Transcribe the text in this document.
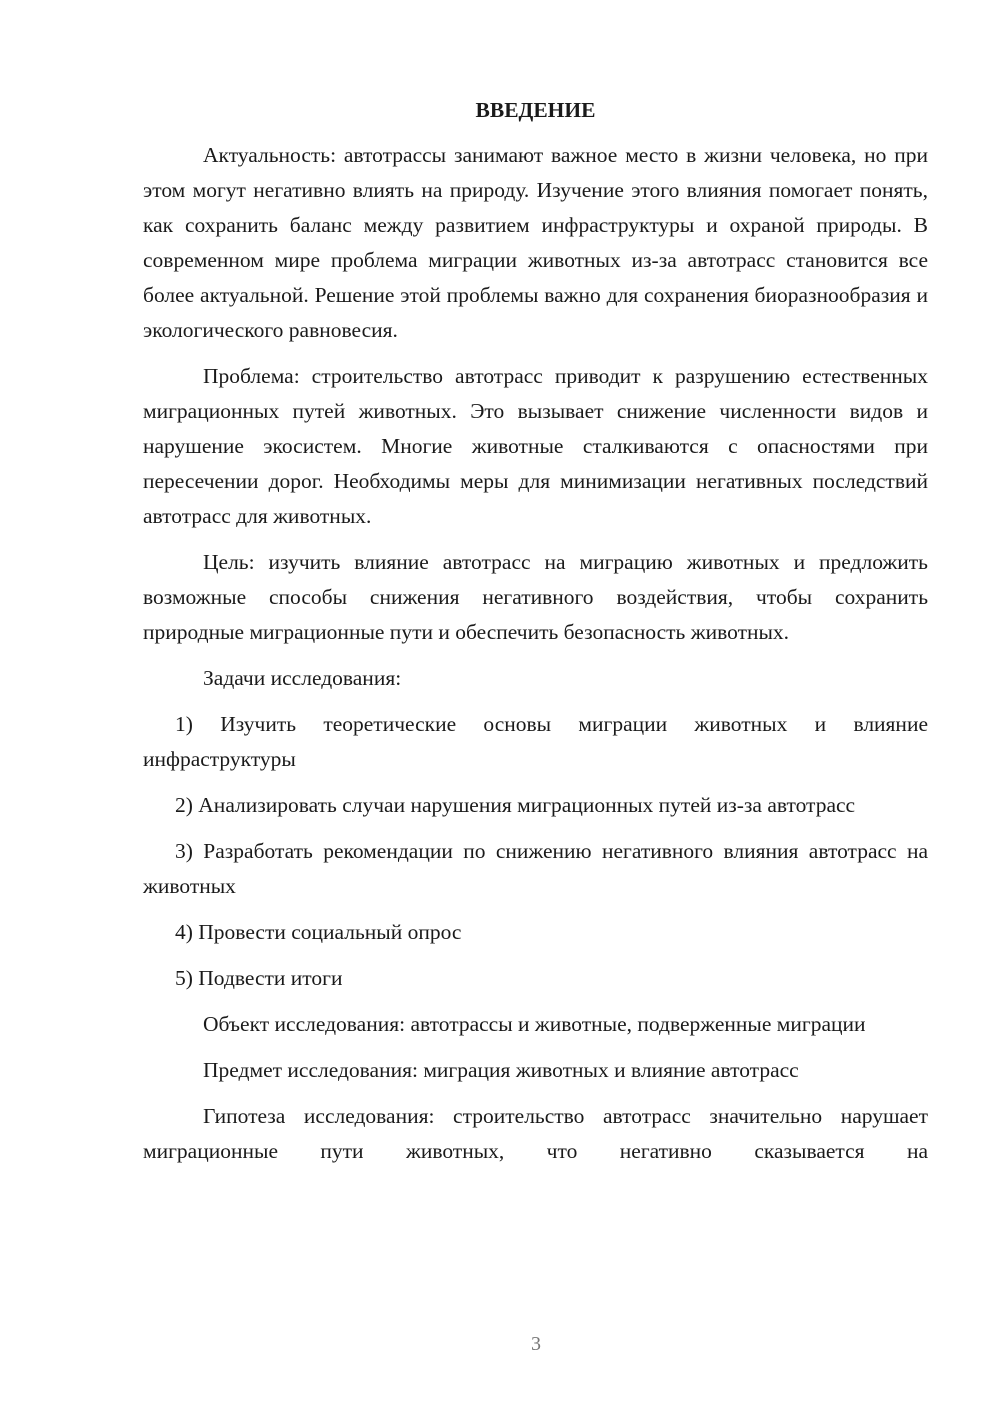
ВВЕДЕНИЕ

Актуальность: автотрассы занимают важное место в жизни человека, но при этом могут негативно влиять на природу. Изучение этого влияния помогает понять, как сохранить баланс между развитием инфраструктуры и охраной природы. В современном мире проблема миграции животных из-за автотрасс становится все более актуальной. Решение этой проблемы важно для сохранения биоразнообразия и экологического равновесия.

Проблема: строительство автотрасс приводит к разрушению естественных миграционных путей животных. Это вызывает снижение численности видов и нарушение экосистем. Многие животные сталкиваются с опасностями при пересечении дорог. Необходимы меры для минимизации негативных последствий автотрасс для животных.

Цель: изучить влияние автотрасс на миграцию животных и предложить возможные способы снижения негативного воздействия, чтобы сохранить природные миграционные пути и обеспечить безопасность животных.

Задачи исследования:

1) Изучить теоретические основы миграции животных и влияние инфраструктуры

2) Анализировать случаи нарушения миграционных путей из-за автотрасс

3) Разработать рекомендации по снижению негативного влияния автотрасс на животных

4) Провести социальный опрос

5) Подвести итоги

Объект исследования: автотрассы и животные, подверженные миграции

Предмет исследования: миграция животных и влияние автотрасс

Гипотеза исследования: строительство автотрасс значительно нарушает миграционные пути животных, что негативно сказывается на

3
